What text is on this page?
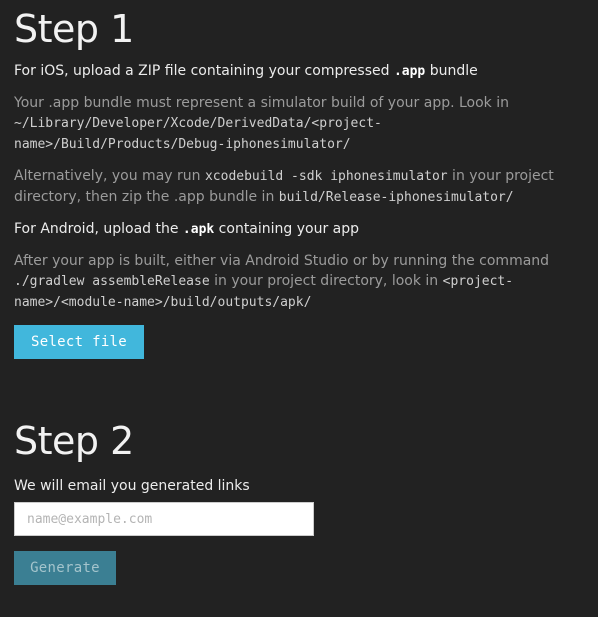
Step 1

For iOS, upload a ZIP file containing your compressed .app bundle

Your .app bundle must represent a simulator build of your app. Look in ~/Library/Developer/Xcode/DerivedData/<project-name>/Build/Products/Debug-iphonesimulator/

Alternatively, you may run xcodebuild -sdk iphonesimulator in your project directory, then zip the .app bundle in build/Release-iphonesimulator/

For Android, upload the .apk containing your app

After your app is built, either via Android Studio or by running the command ./gradlew assembleRelease in your project directory, look in <project-name>/<module-name>/build/outputs/apk/

Select file
Step 2

We will email you generated links

name@example.com
Generate
